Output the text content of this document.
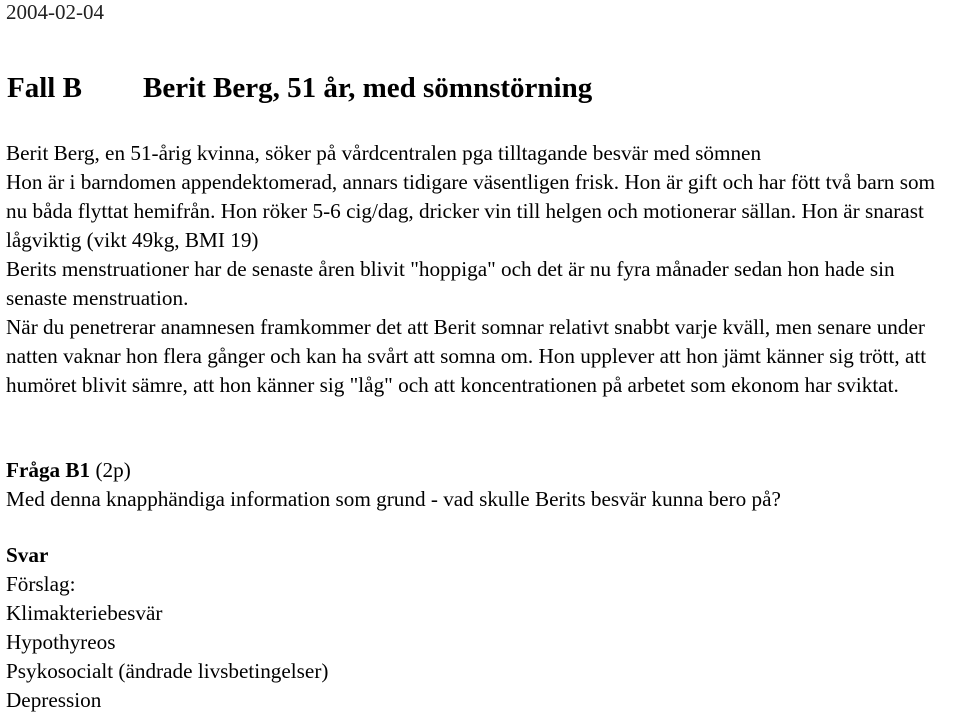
2004-02-04
Fall B Berit Berg, 51 år, med sömnstörning

Berit Berg, en 51-årig kvinna, söker på vårdcentralen pga tilltagande besvär med sömnen

Hon är i barndomen appendektomerad, annars tidigare väsentligen frisk. Hon är gift och har fött två barn som nu båda flyttat hemifrån. Hon röker 5-6 cig/dag, dricker vin till helgen och motionerar sällan. Hon är snarast lågviktig (vikt 49kg, BMI 19)

Berits menstruationer har de senaste åren blivit "hoppiga" och det är nu fyra månader sedan hon hade sin senaste menstruation.

När du penetrerar anamnesen framkommer det att Berit somnar relativt snabbt varje kväll, men senare under natten vaknar hon flera gånger och kan ha svårt att somna om. Hon upplever att hon jämt känner sig trött, att humöret blivit sämre, att hon känner sig "låg" och att koncentrationen på arbetet som ekonom har sviktat.

Fråga B1 (2p)
Med denna knapphändiga information som grund - vad skulle Berits besvär kunna bero på?
Svar
Förslag:
Klimakteriebesvär
Hypothyreos
Psykosocialt (ändrade livsbetingelser)
Depression
